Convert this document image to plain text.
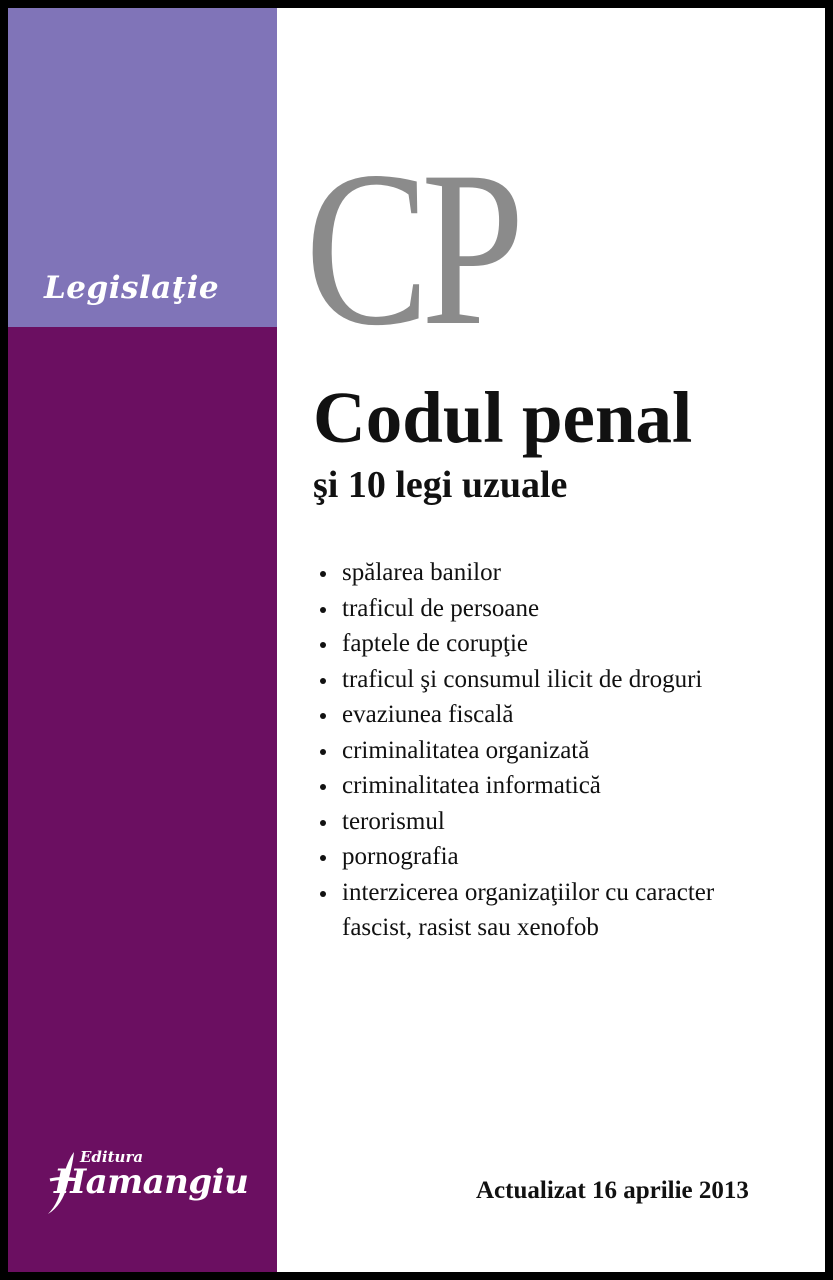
Legislaţie CP
Codul penal
şi 10 legi uzuale
spălarea banilor
traficul de persoane
faptele de corupţie
traficul şi consumul ilicit de droguri
evaziunea fiscală
criminalitatea organizată
criminalitatea informatică
terorismul
pornografia
interzicerea organizaţiilor cu caracter
fascist, rasist sau xenofob
Editura
Hamangiu	Actualizat 16 aprilie 2013
